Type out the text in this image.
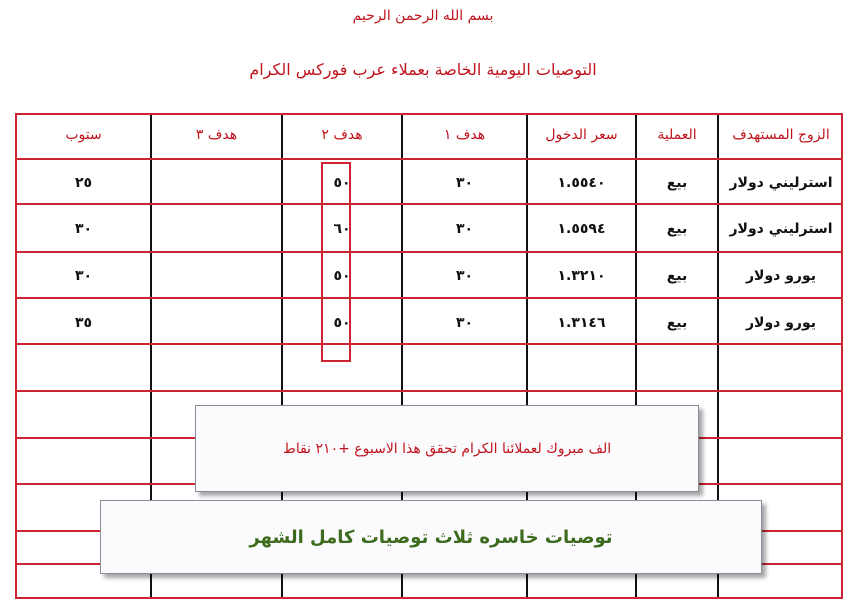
بسم الله الرحمن الرحيم
التوصيات اليومية الخاصة بعملاء عرب فوركس الكرام
الزوج المستهدف
العملية
سعر الدخول
هدف ١
هدف ٢
هدف ٣
ستوب
استرليني دولار
بيع
١.٥٥٤٠
٣٠
٥٠
٢٥
استرليني دولار
بيع
١.٥٥٩٤
٣٠
٦٠
٣٠
يورو دولار
بيع
١.٣٢١٠
٣٠
٥٠
٣٠
يورو دولار
بيع
١.٣١٤٦
٣٠
٥٠
٣٥
الف مبروك لعملائنا الكرام تحقق هذا الاسبوع +٢١٠ نقاط
توصيات خاسره ثلاث توصيات كامل الشهر
